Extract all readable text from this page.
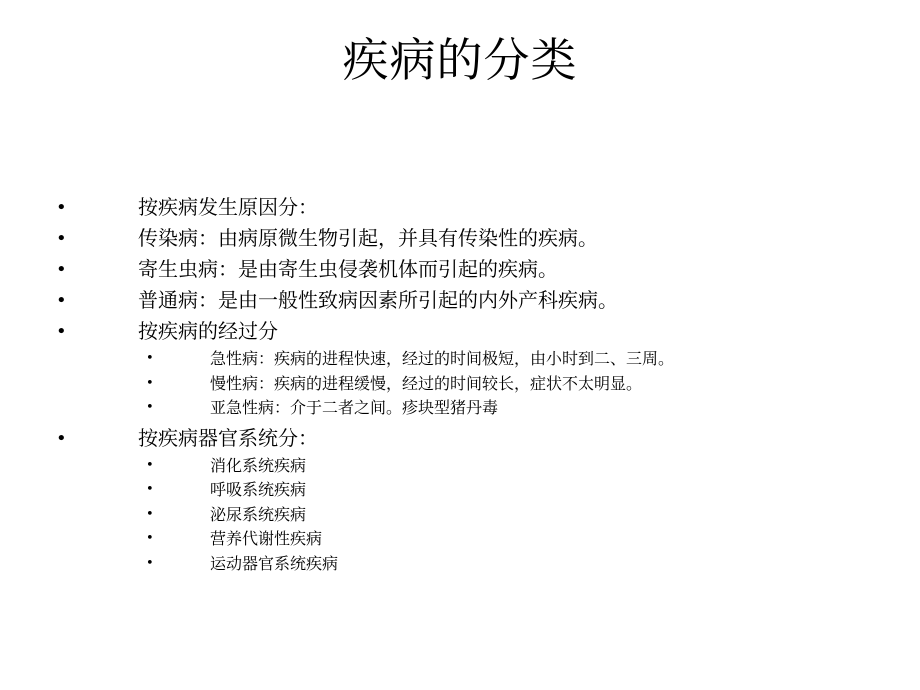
疾病的分类
•	按疾病发生原因分：
•	传染病：由病原微生物引起，并具有传染性的疾病。
•	寄生虫病：是由寄生虫侵袭机体而引起的疾病。
•	普通病：是由一般性致病因素所引起的内外产科疾病。
•	按疾病的经过分
•	急性病：疾病的进程快速，经过的时间极短，由小时到二、三周。
•	慢性病：疾病的进程缓慢，经过的时间较长，症状不太明显。
•	亚急性病：介于二者之间。疹块型猪丹毒
•	按疾病器官系统分：
•	消化系统疾病
•	呼吸系统疾病
•	泌尿系统疾病
•	营养代谢性疾病
•	运动器官系统疾病
